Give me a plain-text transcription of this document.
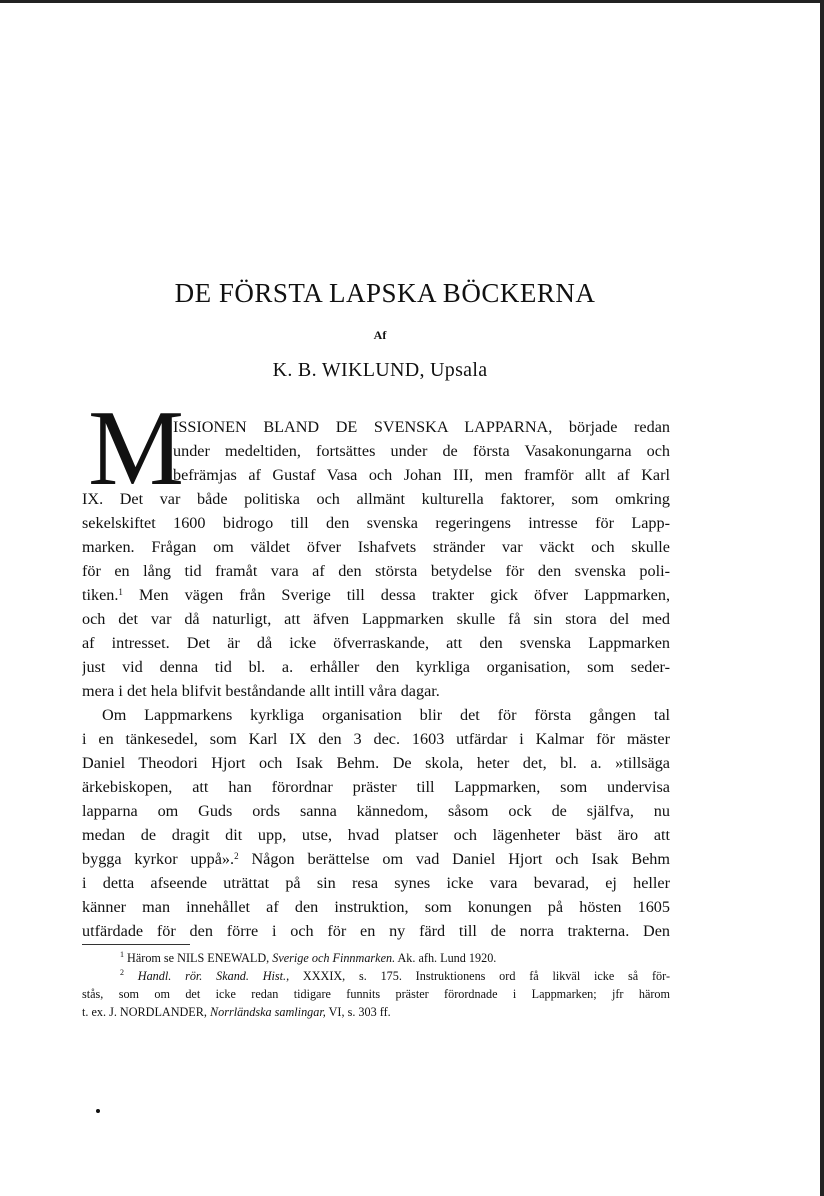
DE FÖRSTA LAPSKA BÖCKERNA
Af
K. B. WIKLUND, Upsala
M
ISSIONEN BLAND DE SVENSKA LAPPARNA, började redan
under medeltiden, fortsättes under de första Vasakonungarna och
befrämjas af Gustaf Vasa och Johan III, men framför allt af Karl
IX. Det var både politiska och allmänt kulturella faktorer, som omkring
sekelskiftet 1600 bidrogo till den svenska regeringens intresse för Lapp-
marken. Frågan om väldet öfver Ishafvets stränder var väckt och skulle
för en lång tid framåt vara af den största betydelse för den svenska poli-
tiken.$^1$ Men vägen från Sverige till dessa trakter gick öfver Lappmarken,
och det var då naturligt, att äfven Lappmarken skulle få sin stora del med
af intresset. Det är då icke öfverraskande, att den svenska Lappmarken
just vid denna tid bl. a. erhåller den kyrkliga organisation, som seder-
mera i det hela blifvit beståndande allt intill våra dagar.
Om Lappmarkens kyrkliga organisation blir det för första gången tal
i en tänkesedel, som Karl IX den 3 dec. 1603 utfärdar i Kalmar för mäster
Daniel Theodori Hjort och Isak Behm. De skola, heter det, bl. a. »tillsäga
ärkebiskopen, att han förordnar präster till Lappmarken, som undervisa
lapparna om Guds ords sanna kännedom, såsom ock de själfva, nu
medan de dragit dit upp, utse, hvad platser och lägenheter bäst äro att
bygga kyrkor uppå».$^2$ Någon berättelse om vad Daniel Hjort och Isak Behm
i detta afseende uträttat på sin resa synes icke vara bevarad, ej heller
känner man innehållet af den instruktion, som konungen på hösten 1605
utfärdade för den förre i och för en ny färd till de norra trakterna. Den
$^1$ Härom se NILS ENEWALD, Sverige och Finnmarken. Ak. afh. Lund 1920.
$^2$ Handl. rör. Skand. Hist., XXXIX, s. 175. Instruktionens ord få likväl icke så för-
stås, som om det icke redan tidigare funnits präster förordnade i Lappmarken; jfr härom
t. ex. J. NORDLANDER, Norrländska samlingar, VI, s. 303 ff.
